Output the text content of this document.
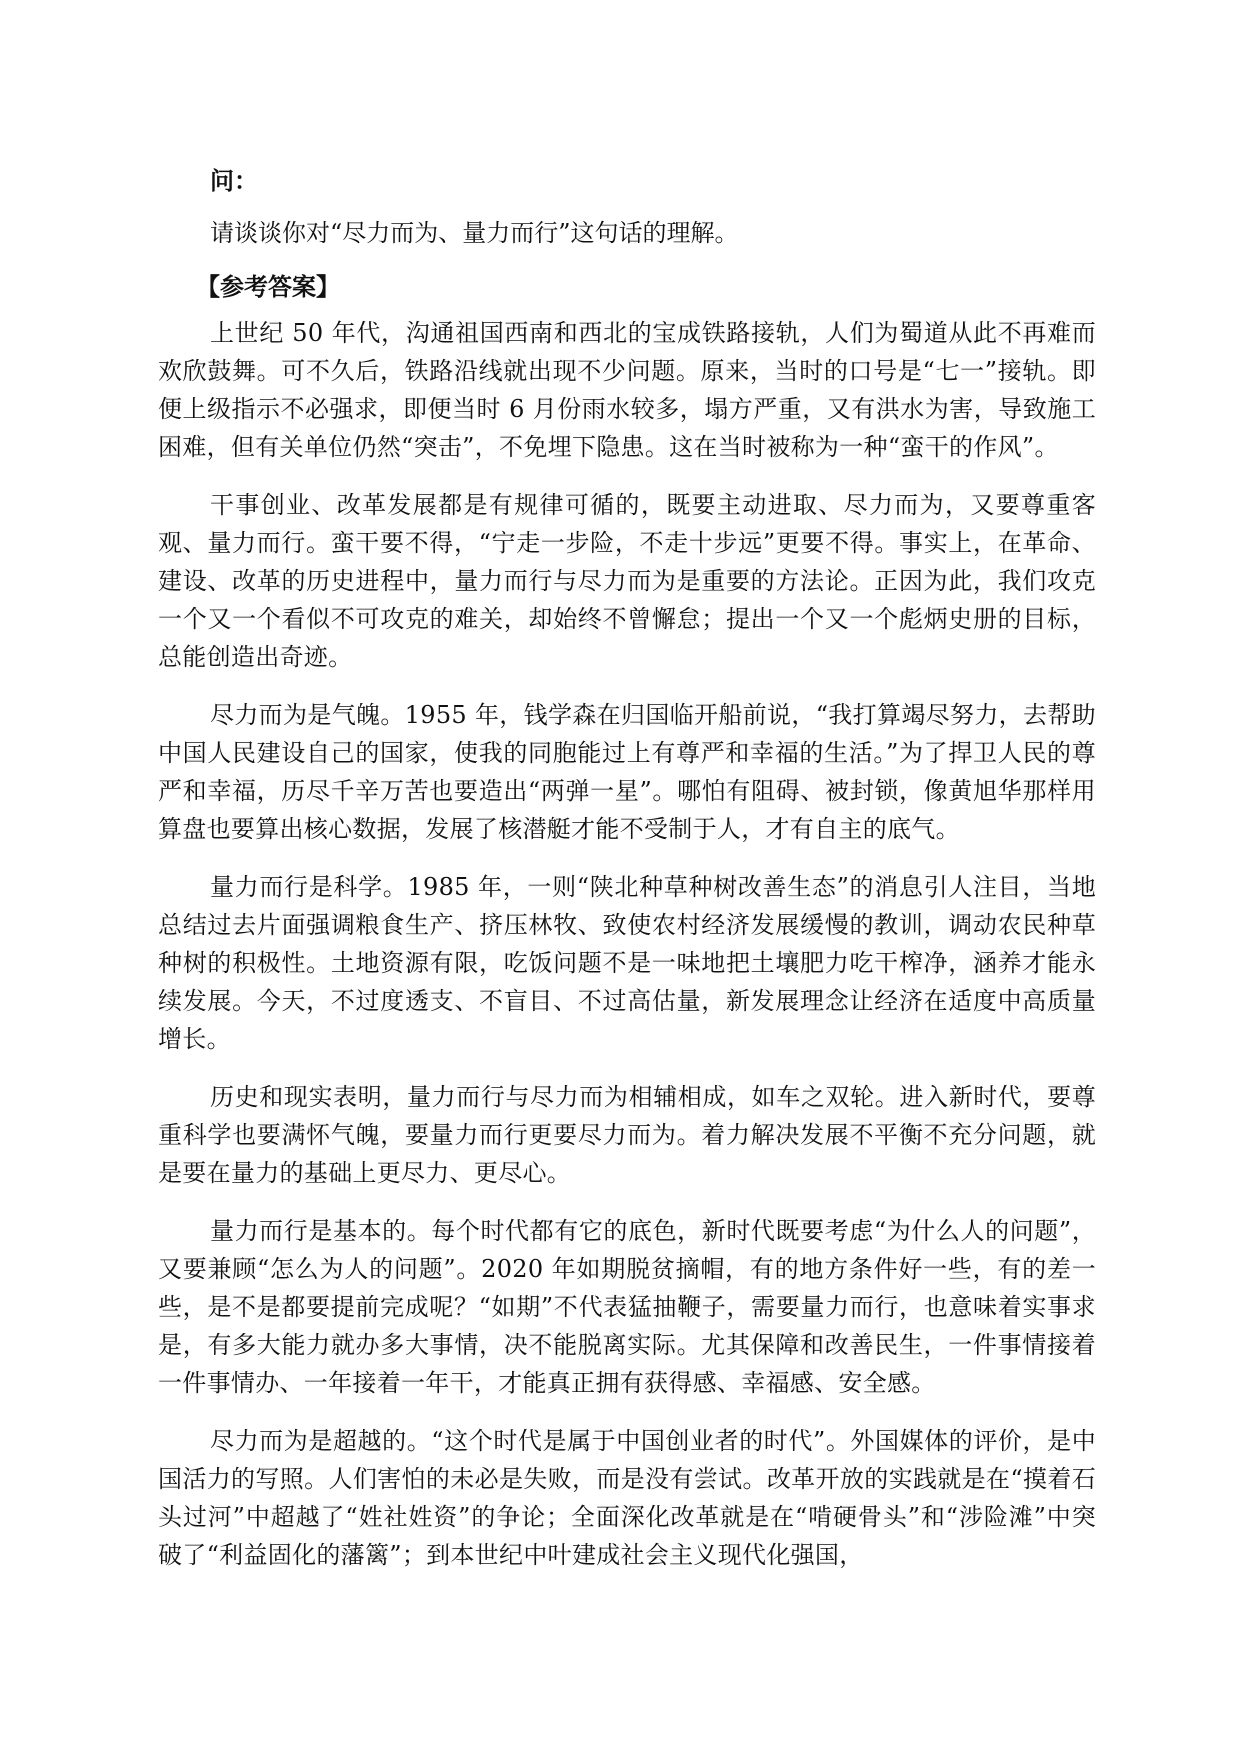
问：

请谈谈你对“尽力而为、量力而行”这句话的理解。

【参考答案】

上世纪 50 年代，沟通祖国西南和西北的宝成铁路接轨，人们为蜀道从此不再难而欢欣鼓舞。可不久后，铁路沿线就出现不少问题。原来，当时的口号是“七一”接轨。即便上级指示不必强求，即便当时 6 月份雨水较多，塌方严重，又有洪水为害，导致施工困难，但有关单位仍然“突击”，不免埋下隐患。这在当时被称为一种“蛮干的作风”。

干事创业、改革发展都是有规律可循的，既要主动进取、尽力而为，又要尊重客观、量力而行。蛮干要不得，“宁走一步险，不走十步远”更要不得。事实上，在革命、建设、改革的历史进程中，量力而行与尽力而为是重要的方法论。正因为此，我们攻克一个又一个看似不可攻克的难关，却始终不曾懈怠；提出一个又一个彪炳史册的目标，总能创造出奇迹。

尽力而为是气魄。1955 年，钱学森在归国临开船前说，“我打算竭尽努力，去帮助中国人民建设自己的国家，使我的同胞能过上有尊严和幸福的生活。”为了捍卫人民的尊严和幸福，历尽千辛万苦也要造出“两弹一星”。哪怕有阻碍、被封锁，像黄旭华那样用算盘也要算出核心数据，发展了核潜艇才能不受制于人，才有自主的底气。

量力而行是科学。1985 年，一则“陕北种草种树改善生态”的消息引人注目，当地总结过去片面强调粮食生产、挤压林牧、致使农村经济发展缓慢的教训，调动农民种草种树的积极性。土地资源有限，吃饭问题不是一味地把土壤肥力吃干榨净，涵养才能永续发展。今天，不过度透支、不盲目、不过高估量，新发展理念让经济在适度中高质量增长。

历史和现实表明，量力而行与尽力而为相辅相成，如车之双轮。进入新时代，要尊重科学也要满怀气魄，要量力而行更要尽力而为。着力解决发展不平衡不充分问题，就是要在量力的基础上更尽力、更尽心。

量力而行是基本的。每个时代都有它的底色，新时代既要考虑“为什么人的问题”，又要兼顾“怎么为人的问题”。2020 年如期脱贫摘帽，有的地方条件好一些，有的差一些，是不是都要提前完成呢？“如期”不代表猛抽鞭子，需要量力而行，也意味着实事求是，有多大能力就办多大事情，决不能脱离实际。尤其保障和改善民生，一件事情接着一件事情办、一年接着一年干，才能真正拥有获得感、幸福感、安全感。

尽力而为是超越的。“这个时代是属于中国创业者的时代”。外国媒体的评价，是中国活力的写照。人们害怕的未必是失败，而是没有尝试。改革开放的实践就是在“摸着石头过河”中超越了“姓社姓资”的争论；全面深化改革就是在“啃硬骨头”和“涉险滩”中突破了“利益固化的藩篱”；到本世纪中叶建成社会主义现代化强国，
